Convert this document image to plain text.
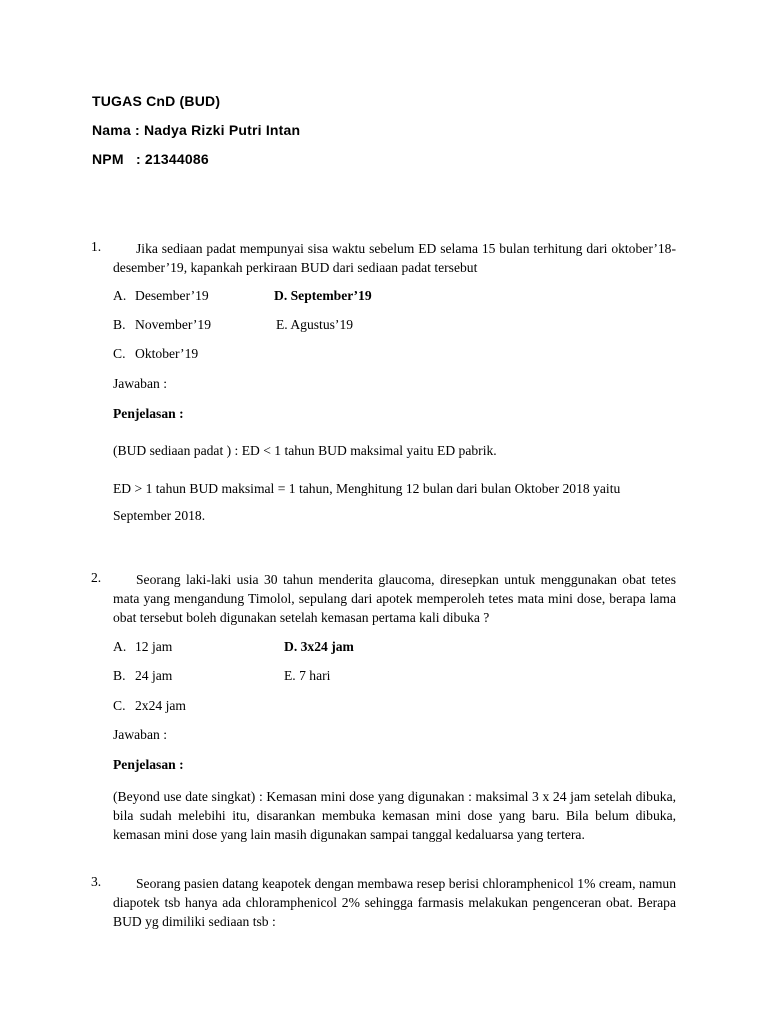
TUGAS CnD (BUD)
Nama : Nadya Rizki Putri Intan
NPM   : 21344086
1.	Jika sediaan padat mempunyai sisa waktu sebelum ED selama 15 bulan terhitung dari oktober’18-desember’19, kapankah perkiraan BUD dari sediaan padat tersebut
A. Desember’19	D. September’19
B. November’19	E. Agustus’19
C. Oktober’19
Jawaban :
Penjelasan :
(BUD sediaan padat ) : ED < 1 tahun BUD maksimal yaitu ED pabrik.
ED > 1 tahun BUD maksimal = 1 tahun, Menghitung 12 bulan dari bulan Oktober 2018 yaitu
September 2018.
2.	Seorang laki-laki usia 30 tahun menderita glaucoma, diresepkan untuk menggunakan obat tetes mata yang mengandung Timolol, sepulang dari apotek memperoleh tetes mata mini dose, berapa lama obat tersebut boleh digunakan setelah kemasan pertama kali dibuka ?
A. 12 jam	D. 3x24 jam
B. 24 jam	E. 7 hari
C. 2x24 jam
Jawaban :
Penjelasan :
(Beyond use date singkat) : Kemasan mini dose yang digunakan : maksimal 3 x 24 jam setelah dibuka, bila sudah melebihi itu, disarankan membuka kemasan mini dose yang baru. Bila belum dibuka, kemasan mini dose yang lain masih digunakan sampai tanggal kedaluarsa yang tertera.
3.	Seorang pasien datang keapotek dengan membawa resep berisi chloramphenicol 1% cream, namun diapotek tsb hanya ada chloramphenicol 2% sehingga farmasis melakukan pengenceran obat. Berapa BUD yg dimiliki sediaan tsb :
